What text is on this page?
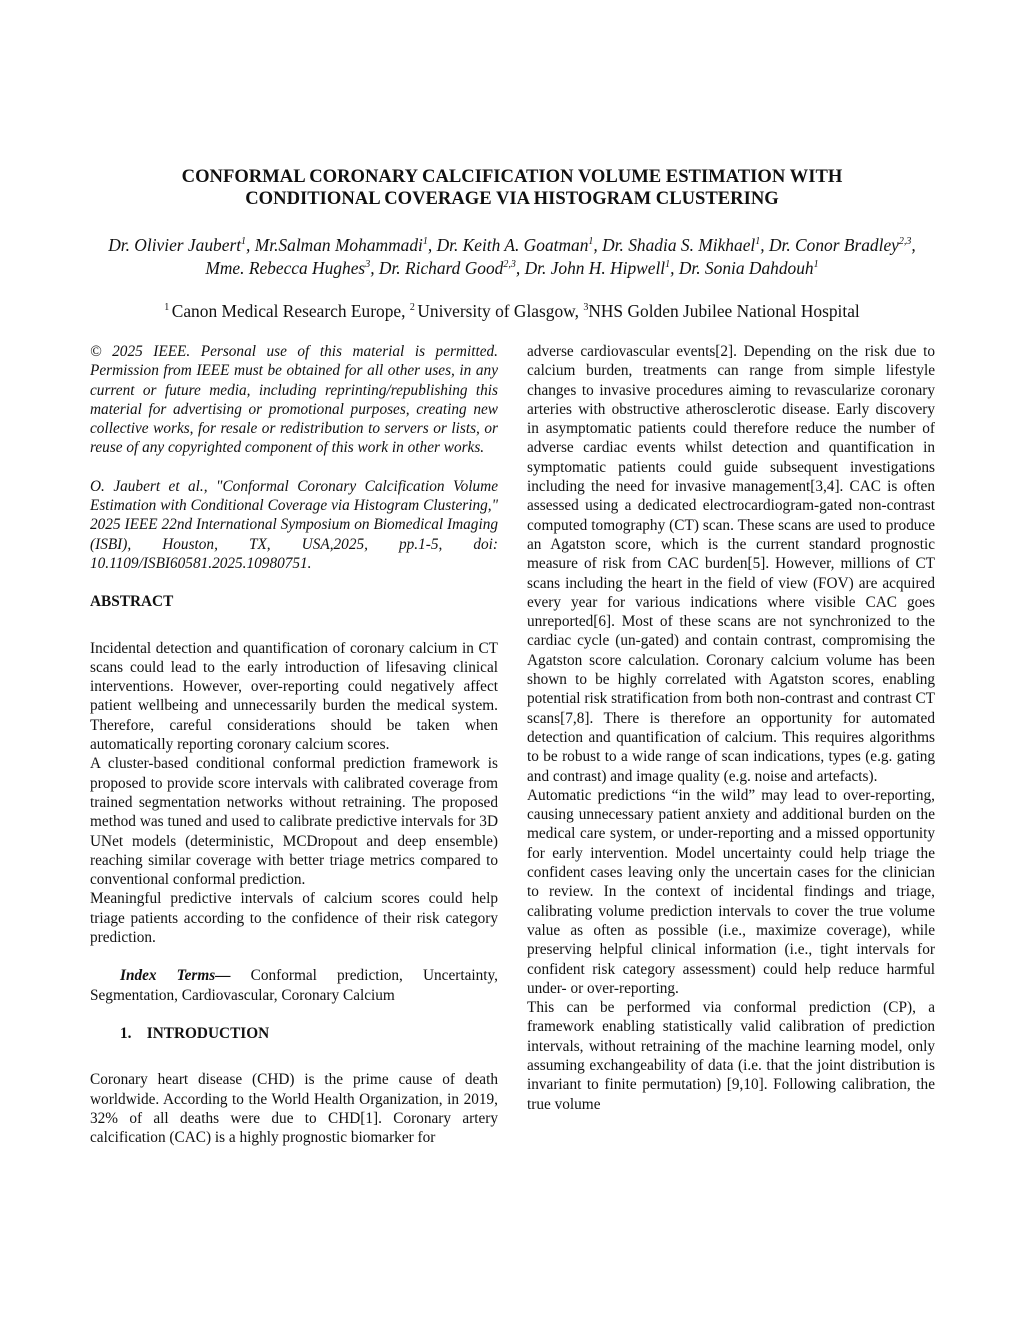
CONFORMAL CORONARY CALCIFICATION VOLUME ESTIMATION WITH
CONDITIONAL COVERAGE VIA HISTOGRAM CLUSTERING
Dr. Olivier Jaubert$^1$, Mr.Salman Mohammadi$^1$, Dr. Keith A. Goatman$^1$, Dr. Shadia S. Mikhael$^1$, Dr. Conor Bradley$^{2,3}$, Mme. Rebecca Hughes$^3$, Dr. Richard Good$^{2,3}$, Dr. John H. Hipwell$^1$, Dr. Sonia Dahdouh$^1$
$^1$ Canon Medical Research Europe, $^2$ University of Glasgow, $^3$NHS Golden Jubilee National Hospital

© 2025 IEEE. Personal use of this material is permitted. Permission from IEEE must be obtained for all other uses, in any current or future media, including reprinting/republishing this material for advertising or promotional purposes, creating new collective works, for resale or redistribution to servers or lists, or reuse of any copyrighted component of this work in other works.

O. Jaubert et al., "Conformal Coronary Calcification Volume Estimation with Conditional Coverage via Histogram Clustering," 2025 IEEE 22nd International Symposium on Biomedical Imaging (ISBI), Houston, TX, USA,2025, pp.1-5, doi: 10.1109/ISBI60581.2025.10980751.

ABSTRACT

Incidental detection and quantification of coronary calcium in CT scans could lead to the early introduction of lifesaving clinical interventions. However, over-reporting could negatively affect patient wellbeing and unnecessarily burden the medical system. Therefore, careful considerations should be taken when automatically reporting coronary calcium scores.

A cluster-based conditional conformal prediction framework is proposed to provide score intervals with calibrated coverage from trained segmentation networks without retraining. The proposed method was tuned and used to calibrate predictive intervals for 3D UNet models (deterministic, MCDropout and deep ensemble) reaching similar coverage with better triage metrics compared to conventional conformal prediction.

Meaningful predictive intervals of calcium scores could help triage patients according to the confidence of their risk category prediction.

Index Terms— Conformal prediction, Uncertainty, Segmentation, Cardiovascular, Coronary Calcium

1. INTRODUCTION

Coronary heart disease (CHD) is the prime cause of death worldwide. According to the World Health Organization, in 2019, 32% of all deaths were due to CHD[1]. Coronary artery calcification (CAC) is a highly prognostic biomarker for

adverse cardiovascular events[2]. Depending on the risk due to calcium burden, treatments can range from simple lifestyle changes to invasive procedures aiming to revascularize coronary arteries with obstructive atherosclerotic disease. Early discovery in asymptomatic patients could therefore reduce the number of adverse cardiac events whilst detection and quantification in symptomatic patients could guide subsequent investigations including the need for invasive management[3,4]. CAC is often assessed using a dedicated electrocardiogram-gated non-contrast computed tomography (CT) scan. These scans are used to produce an Agatston score, which is the current standard prognostic measure of risk from CAC burden[5]. However, millions of CT scans including the heart in the field of view (FOV) are acquired every year for various indications where visible CAC goes unreported[6]. Most of these scans are not synchronized to the cardiac cycle (un-gated) and contain contrast, compromising the Agatston score calculation. Coronary calcium volume has been shown to be highly correlated with Agatston scores, enabling potential risk stratification from both non-contrast and contrast CT scans[7,8]. There is therefore an opportunity for automated detection and quantification of calcium. This requires algorithms to be robust to a wide range of scan indications, types (e.g. gating and contrast) and image quality (e.g. noise and artefacts).

Automatic predictions “in the wild” may lead to over-reporting, causing unnecessary patient anxiety and additional burden on the medical care system, or under-reporting and a missed opportunity for early intervention. Model uncertainty could help triage the confident cases leaving only the uncertain cases for the clinician to review. In the context of incidental findings and triage, calibrating volume prediction intervals to cover the true volume value as often as possible (i.e., maximize coverage), while preserving helpful clinical information (i.e., tight intervals for confident risk category assessment) could help reduce harmful under- or over-reporting.

This can be performed via conformal prediction (CP), a framework enabling statistically valid calibration of prediction intervals, without retraining of the machine learning model, only assuming exchangeability of data (i.e. that the joint distribution is invariant to finite permutation) [9,10]. Following calibration, the true volume
